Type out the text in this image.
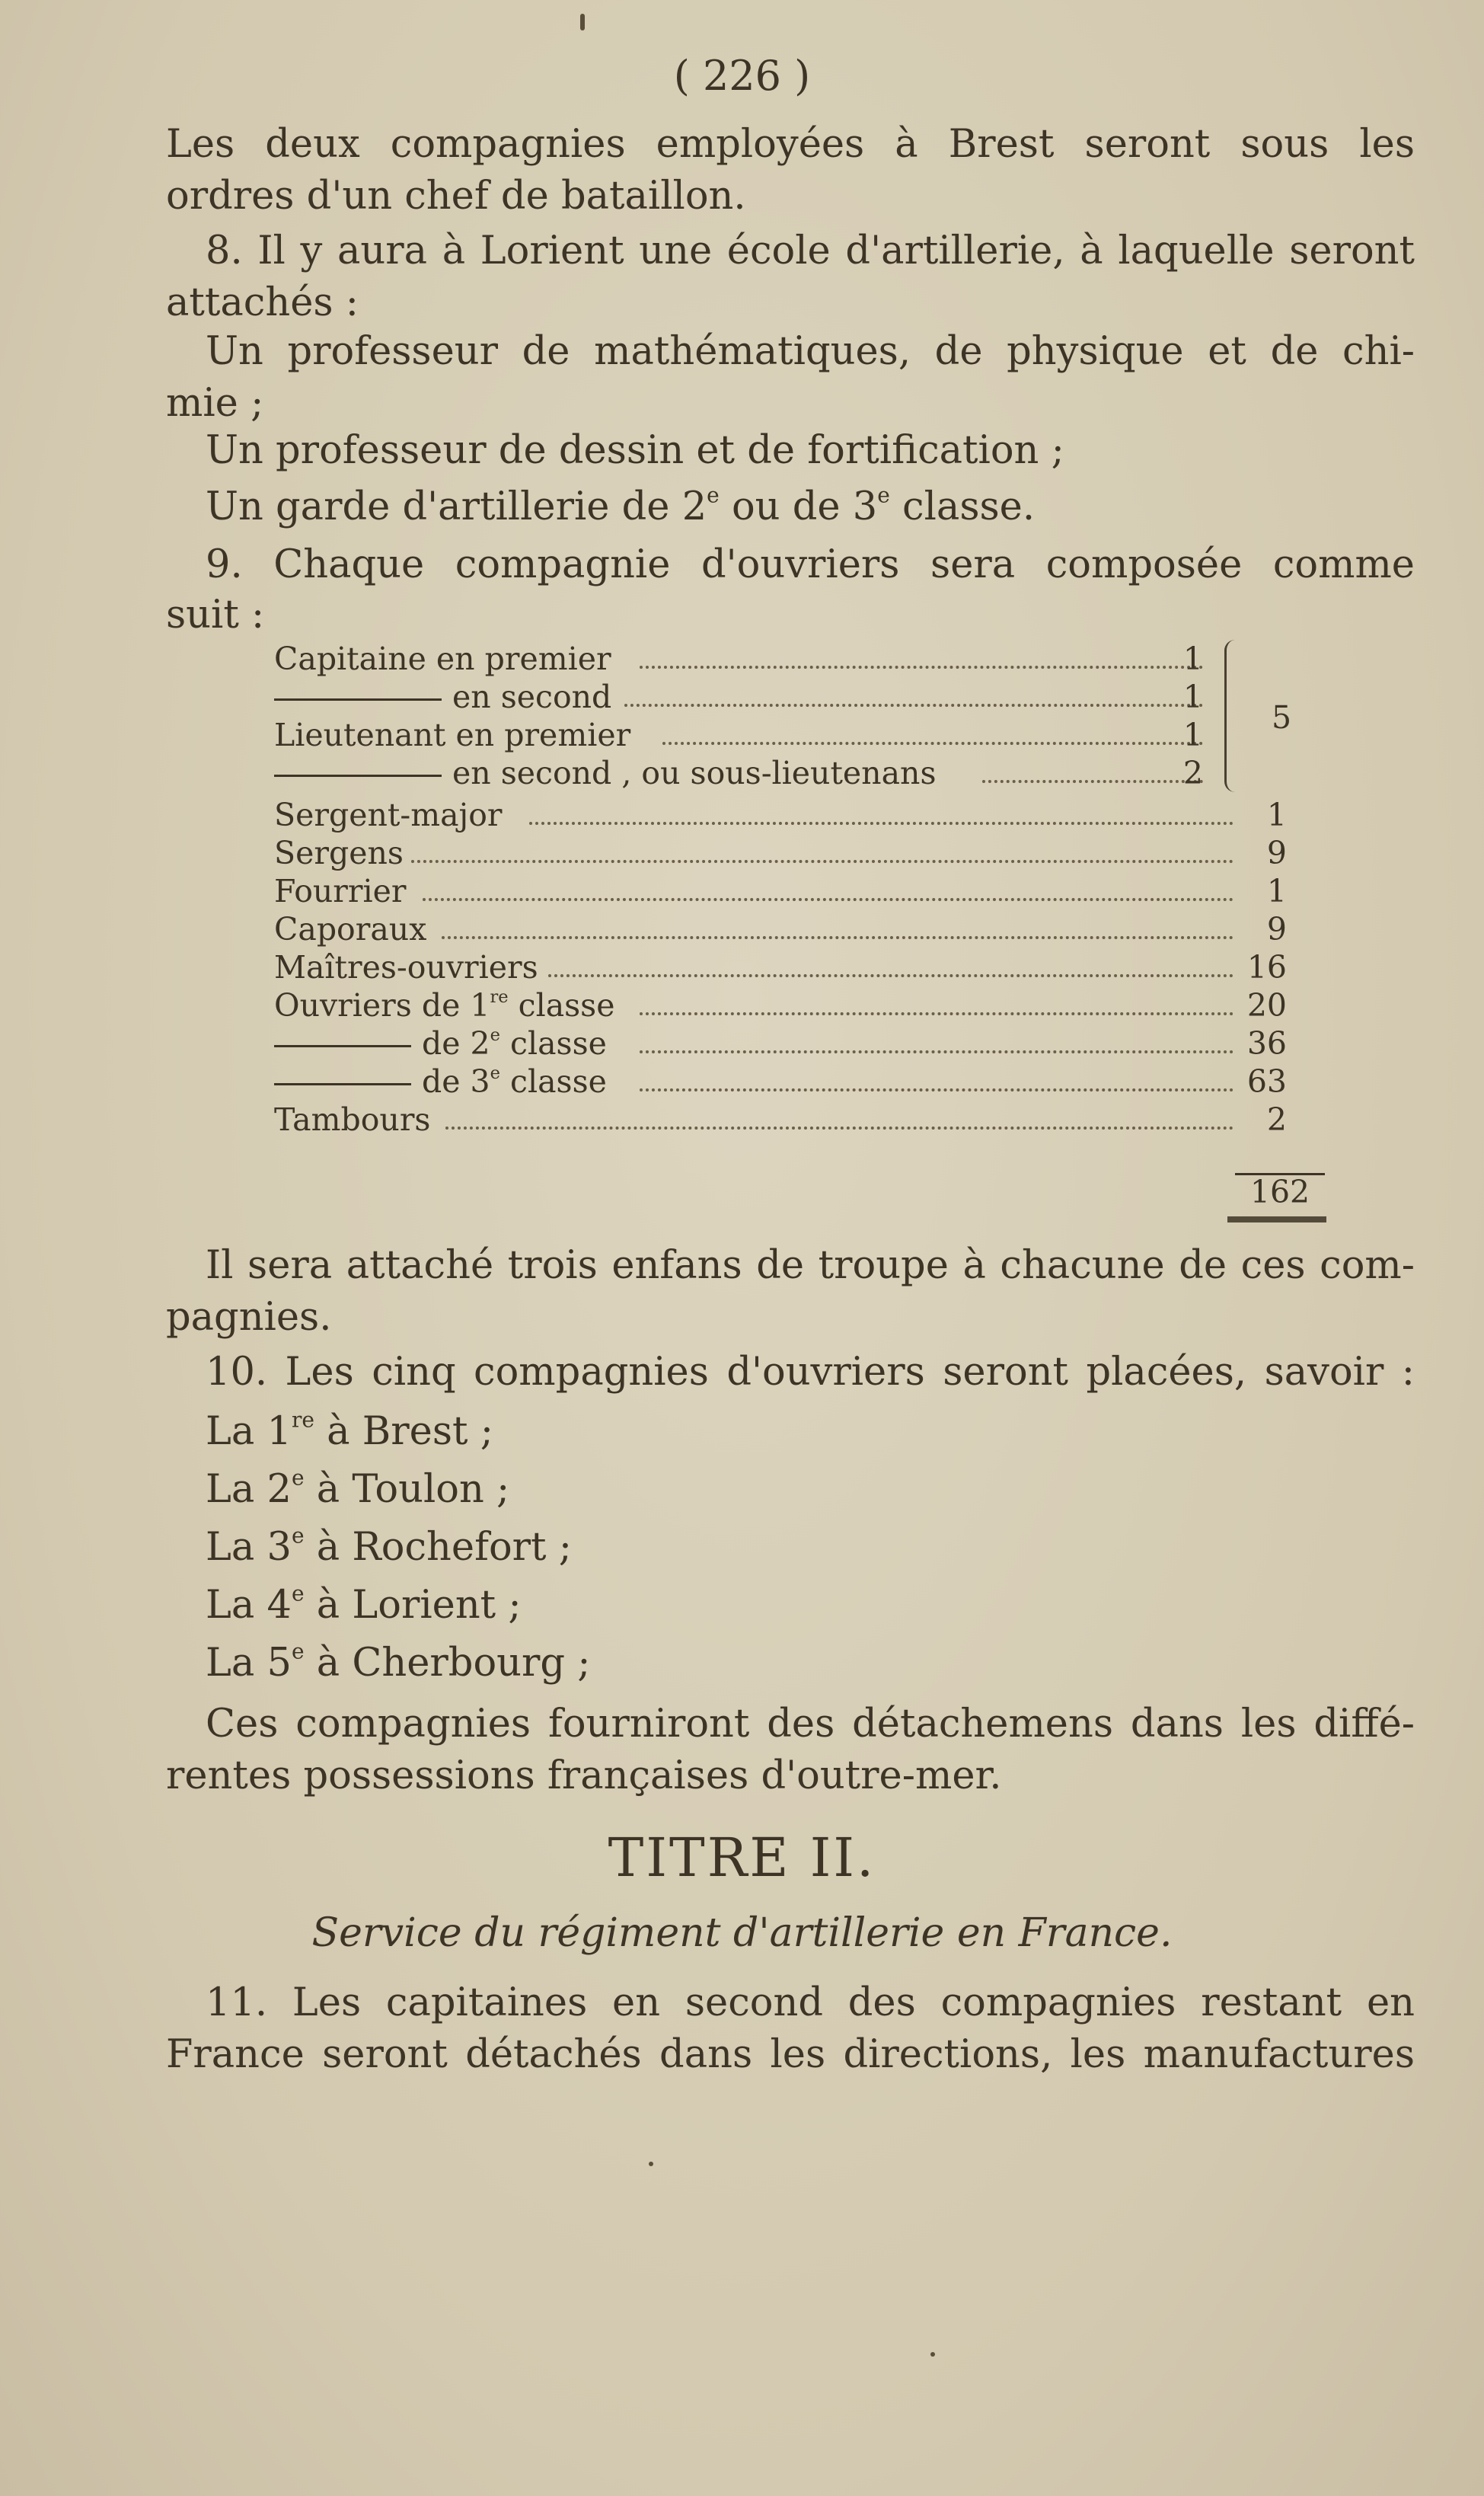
( 226 )
Les deux compagnies employées à Brest seront sous les
ordres d'un chef de bataillon.
8. Il y aura à Lorient une école d'artillerie, à laquelle seront
attachés :
Un professeur de mathématiques, de physique et de chi-
mie ;
Un professeur de dessin et de fortification ;
Un garde d'artillerie de 2e ou de 3e classe.
9. Chaque compagnie d'ouvriers sera composée comme
suit :
Capitaine en premier	1
en second	1
Lieutenant en premier	1
en second , ou sous-lieutenans	2
Sergent-major	1
Sergens	9
Fourrier	1
Caporaux	9
Maîtres-ouvriers	16
Ouvriers de 1re classe	20
de 2e classe	36
de 3e classe	63
Tambours	2
5
162
Il sera attaché trois enfans de troupe à chacune de ces com-
pagnies.
10. Les cinq compagnies d'ouvriers seront placées, savoir :
La 1re à Brest ;
La 2e à Toulon ;
La 3e à Rochefort ;
La 4e à Lorient ;
La 5e à Cherbourg ;
Ces compagnies fourniront des détachemens dans les diffé-
rentes possessions françaises d'outre-mer.
TITRE II.
Service du régiment d'artillerie en France.
11. Les capitaines en second des compagnies restant en
France seront détachés dans les directions, les manufactures
